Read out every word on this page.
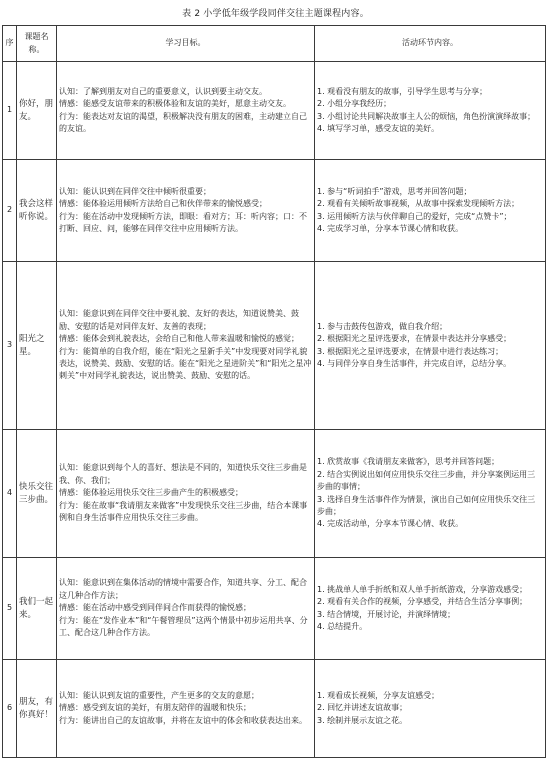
表 2 小学低年级学段同伴交往主题课程内容。
序	课题名称。	学习目标。	活动环节内容。
1	你好，朋友。	认知：了解到朋友对自己的重要意义，认识到要主动交友。
情感：能感受友谊带来的积极体验和友谊的美好，愿意主动交友。
行为：能表达对友谊的渴望，积极解决没有朋友的困难，主动建立自己的友谊。	1. 观看没有朋友的故事，引导学生思考与分享；
2. 小组分享我经历；
3. 小组讨论共同解决故事主人公的烦恼，角色扮演演绎故事；
4. 填写学习单，感受友谊的美好。

2	我会这样听你说。	认知：能认识到在同伴交往中倾听很重要；
情感：能体验运用倾听方法给自己和伙伴带来的愉悦感受；
行为：能在活动中发现倾听方法，即眼：看对方；耳：听内容；口：不打断、回应、问，能够在同伴交往中应用倾听方法。	1. 参与“听词拍手”游戏，思考并回答问题；
2. 观看有关倾听故事视频，从故事中探索发现倾听方法；
3. 运用倾听方法与伙伴聊自己的爱好，完成“点赞卡”；
4. 完成学习单，分享本节课心情和收获。

3	阳光之星。	认知：能意识到在同伴交往中要礼貌、友好的表达，知道说赞美、鼓励、安慰的话是对同伴友好、友善的表现；
情感：能体会到礼貌表达，会给自己和他人带来温暖和愉悦的感觉；
行为：能简单的自我介绍，能在“阳光之星新手关”中发现要对同学礼貌表达，说赞美、鼓励、安慰的话。能在“阳光之星进阶关”和“阳光之星冲刺关”中对同学礼貌表达，说出赞美、鼓励、安慰的话。	1. 参与击鼓传包游戏，做自我介绍；
2. 根据阳光之星评选要求，在情景中表达并分享感受；
3. 根据阳光之星评选要求，在情景中进行表达练习；
4. 与同伴分享自身生活事件，并完成自评，总结分享。

4	快乐交往三步曲。	认知：能意识到每个人的喜好、想法是不同的，知道快乐交往三步曲是我、你、我们；
情感：能体验运用快乐交往三步曲产生的积极感受；
行为：能在故事“我请朋友来做客”中发现快乐交往三步曲，结合本课事例和自身生活事件应用快乐交往三步曲。	1. 欣赏故事《我请朋友来做客》，思考并回答问题；
2. 结合实例说出如何应用快乐交往三步曲，并分享案例运用三步曲的事情；
3. 选择自身生活事件作为情景，演出自己如何应用快乐交往三步曲；
4. 完成活动单，分享本节课心情、收获。

5	我们一起来。	认知：能意识到在集体活动的情境中需要合作，知道共享、分工、配合这几种合作方法；
情感：能在活动中感受到同伴间合作而获得的愉悦感；
行为：能在“发作业本”和“午餐管理员”这两个情景中初步运用共享、分工、配合这几种合作方法。	1. 挑战单人单手折纸和双人单手折纸游戏，分享游戏感受；
2. 观看有关合作的视频，分享感受，并结合生活分享事例；
3. 结合情境，开展讨论，并演绎情境；
4. 总结提升。

6	朋友，有你真好！	认知：能认识到友谊的重要性，产生更多的交友的意愿；
情感：感受到友谊的美好，有朋友陪伴的温暖和快乐；
行为：能讲出自己的友谊故事，并将在友谊中的体会和收获表达出来。	1. 观看成长视频，分享友谊感受；
2. 回忆并讲述友谊故事；
3. 绘制并展示友谊之花。
